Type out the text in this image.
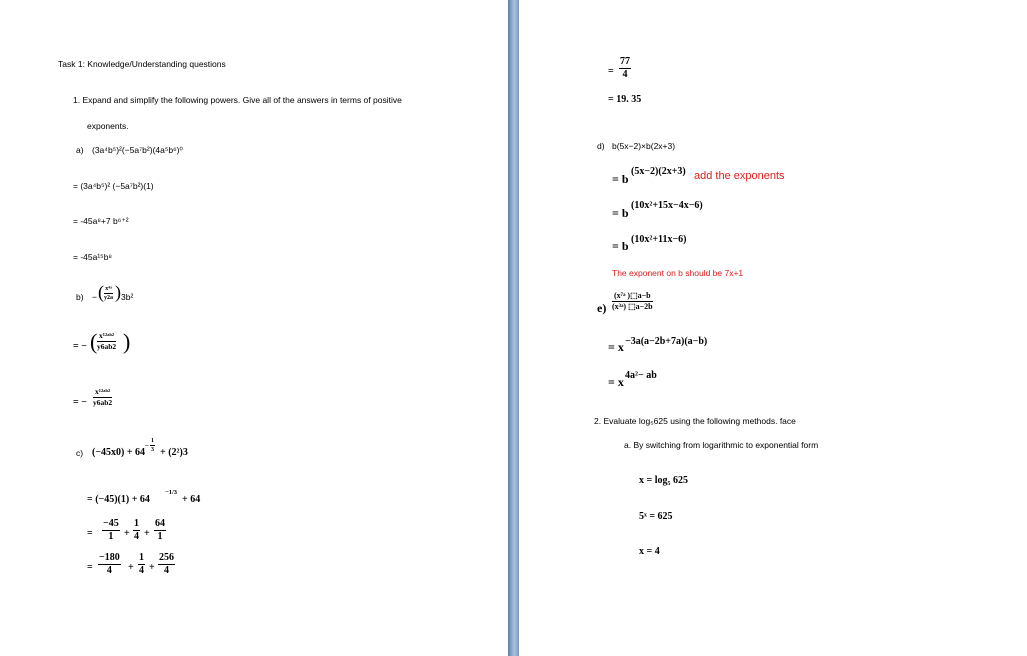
Task 1: Knowledge/Understanding questions
1. Expand and simplify the following powers. Give all of the answers in terms of positive
exponents.
a) (3a⁴b⁵)²(−5a⁷b²)(4a⁵b⁶)⁰
= (3a⁴b⁵)² (−5a⁷b²)(1)
= -45a⁸+7 b⁶⁺²
= -45a¹⁵b⁸
b) − ( $\frac{\text{x⁴ᵃ}}{y2a}$ ) 3b²
= − ( $\frac{\text{x¹²ᵃᵇ²}}{y6ab2}$ )
= − $\frac{\text{x¹²ᵃᵇ²}}{y6ab2}$
c) (−45x0) + 64
− $\frac{1}{3} + (2^2)3$
= (−45)(1) + 64
−1/3
+ 64
= $\frac{-45}{1} + \frac{1}{4} + \frac{64}{1}$
= $\frac{-180}{4} + \frac{1}{4} + \frac{256}{4}$
= $\frac{77}{4}$
= 19. 35
d) b(5x−2)×b(2x+3)
= b
(5x−2)(2x+3) add the exponents
= b
(10x²+15x−4x−6)
= b (10x²+11x−6)
The exponent on b should be 7x+1
$e) \frac{\text{(x⁷ᵃ )⬚a−b}}{\text{(x³ᵃ) ⬚a−2b}}$
= x −3a(a−2b+7a)(a−b)
= x 4a²− ab
2. Evaluate log₅625 using the following methods. face
a. By switching from logarithmic to exponential form
x = log₅ 625
5ˣ = 625
x = 4
